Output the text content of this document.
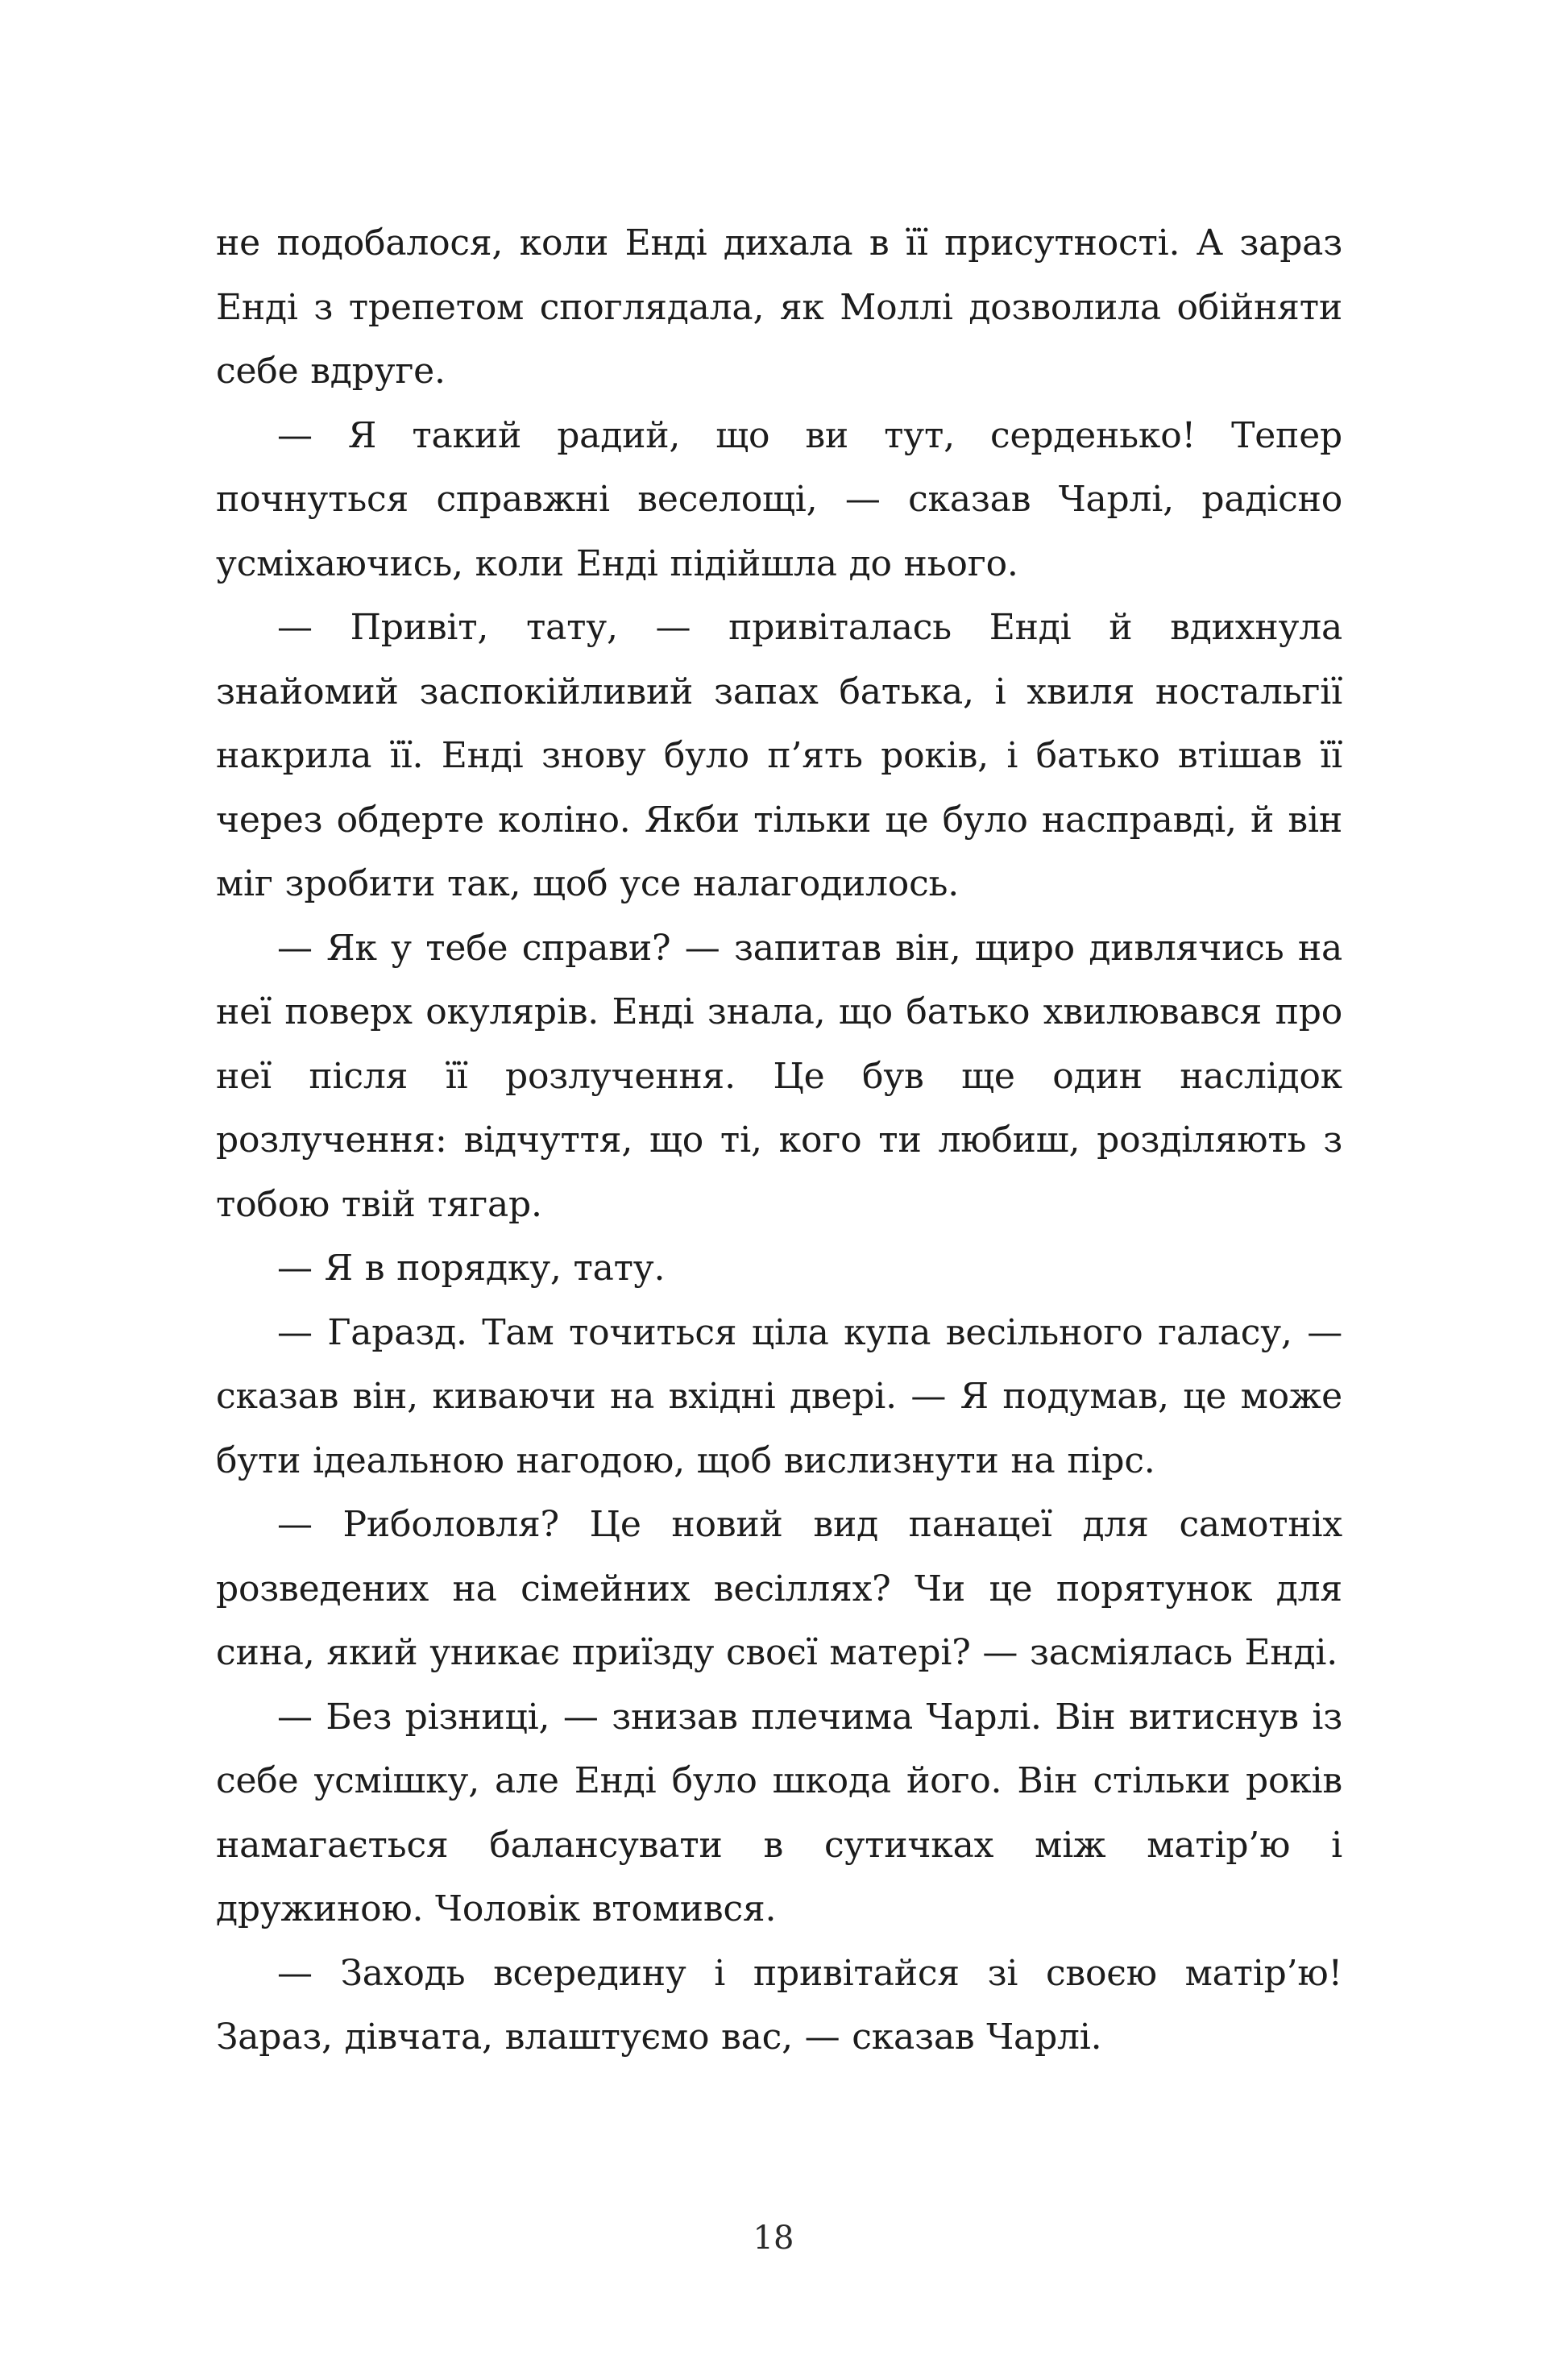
не подобалося, коли Енді дихала в її присутності. А зараз Енді з трепетом споглядала, як Моллі дозволила обійняти себе вдруге.

— Я такий радий, що ви тут, серденько! Тепер почнуться справжні веселощі, — сказав Чарлі, радісно усміхаючись, коли Енді підійшла до нього.

— Привіт, тату, — привіталась Енді й вдихнула знайомий заспокійливий запах батька, і хвиля ностальгії накрила її. Енді знову було п’ять років, і батько втішав її через обдерте коліно. Якби тільки це було насправді, й він міг зробити так, щоб усе налагодилось.

— Як у тебе справи? — запитав він, щиро дивлячись на неї поверх окулярів. Енді знала, що батько хвилювався про неї після її розлучення. Це був ще один наслідок розлучення: відчуття, що ті, кого ти любиш, розділяють з тобою твій тягар.

— Я в порядку, тату.

— Гаразд. Там точиться ціла купа весільного галасу, — сказав він, киваючи на вхідні двері. — Я подумав, це може бути ідеальною нагодою, щоб вислизнути на пірс.

— Риболовля? Це новий вид панацеї для самотніх розведених на сімейних весіллях? Чи це порятунок для сина, який уникає приїзду своєї матері? — засміялась Енді.

— Без різниці, — знизав плечима Чарлі. Він витиснув із себе усмішку, але Енді було шкода його. Він стільки років намагається балансувати в сутичках між матір’ю і дружиною. Чоловік втомився.

— Заходь всередину і привітайся зі своєю матір’ю! Зараз, дівчата, влаштуємо вас, — сказав Чарлі.

18
